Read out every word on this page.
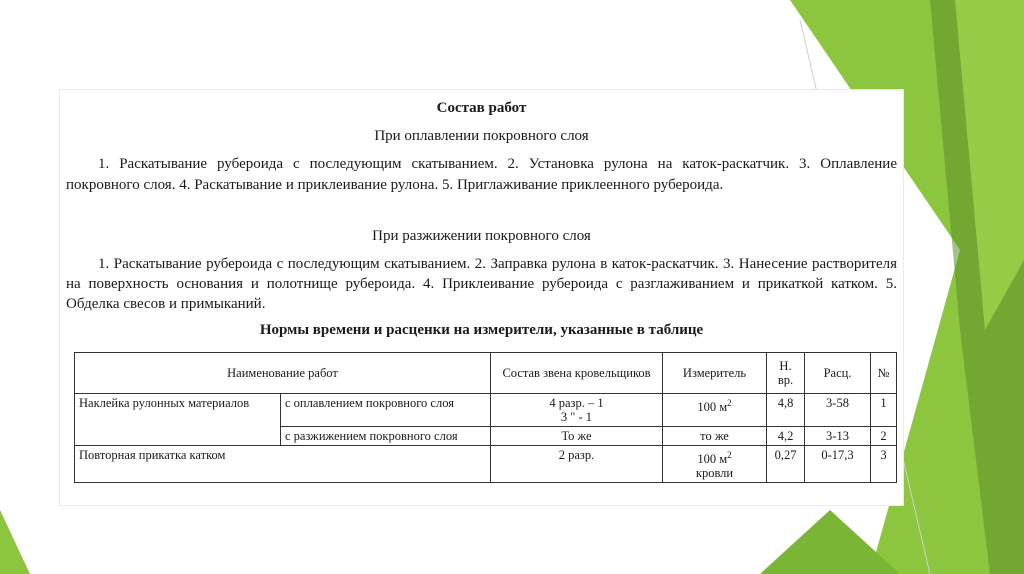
Состав работ
При оплавлении покровного слоя
1. Раскатывание рубероида с последующим скатыванием. 2. Установка рулона на каток-раскатчик. 3. Оплавление покровного слоя. 4. Раскатывание и приклеивание рулона. 5. Приглаживание приклеенного рубероида.
При разжижении покровного слоя
1. Раскатывание рубероида с последующим скатыванием. 2. Заправка рулона в каток-раскатчик. 3. Нанесение растворителя на поверхность основания и полотнище рубероида. 4. Приклеивание рубероида с разглаживанием и прикаткой катком. 5. Обделка свесов и примыканий.
Нормы времени и расценки на измерители, указанные в таблице
Наименование работ		Состав звена кровельщиков	Измеритель	Н. вр.	Расц.	№
Наклейка рулонных материалов	с оплавлением покровного слоя	4 разр. – 1
3 " - 1	100 $м^2$	4,8	3-58	1
	с разжижением покровного слоя	То же	то же	4,2	3-13	2
Повторная прикатка катком		2 разр.	100 $м^2$
кровли	0,27	0-17,3	3
